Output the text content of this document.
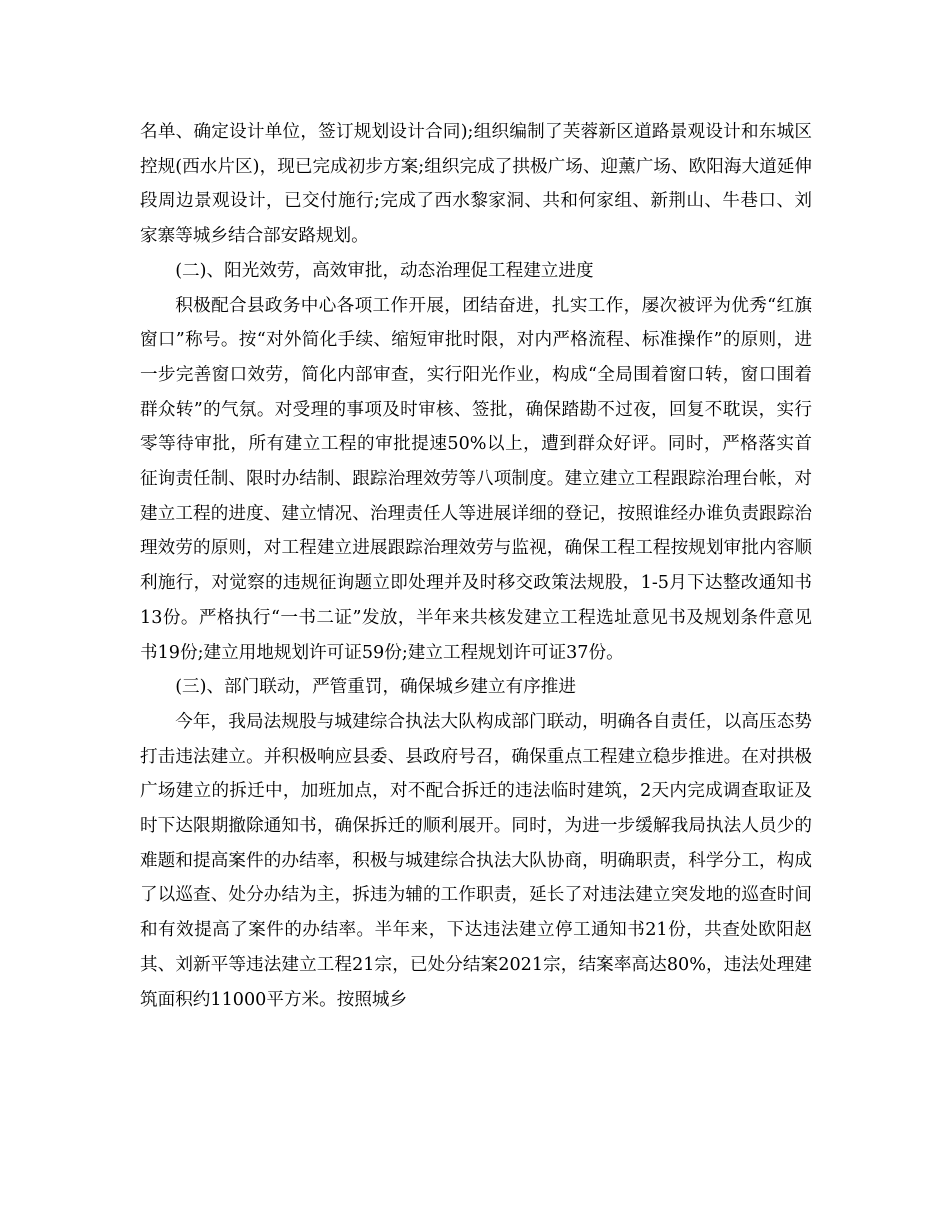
名单、确定设计单位，签订规划设计合同);组织编制了芙蓉新区道路景观设计和东城区控规(西水片区)，现已完成初步方案;组织完成了拱极广场、迎薰广场、欧阳海大道延伸段周边景观设计，已交付施行;完成了西水黎家洞、共和何家组、新荆山、牛巷口、刘家寨等城乡结合部安路规划。

(二)、阳光效劳，高效审批，动态治理促工程建立进度

积极配合县政务中心各项工作开展，团结奋进，扎实工作，屡次被评为优秀“红旗窗口”称号。按“对外简化手续、缩短审批时限，对内严格流程、标准操作”的原则，进一步完善窗口效劳，简化内部审查，实行阳光作业，构成“全局围着窗口转，窗口围着群众转”的气氛。对受理的事项及时审核、签批，确保踏勘不过夜，回复不耽误，实行零等待审批，所有建立工程的审批提速50%以上，遭到群众好评。同时，严格落实首征询责任制、限时办结制、跟踪治理效劳等八项制度。建立建立工程跟踪治理台帐，对建立工程的进度、建立情况、治理责任人等进展详细的登记，按照谁经办谁负责跟踪治理效劳的原则，对工程建立进展跟踪治理效劳与监视，确保工程工程按规划审批内容顺利施行，对觉察的违规征询题立即处理并及时移交政策法规股，1-5月下达整改通知书13份。严格执行“一书二证”发放，半年来共核发建立工程选址意见书及规划条件意见书19份;建立用地规划许可证59份;建立工程规划许可证37份。

(三)、部门联动，严管重罚，确保城乡建立有序推进

今年，我局法规股与城建综合执法大队构成部门联动，明确各自责任，以高压态势打击违法建立。并积极响应县委、县政府号召，确保重点工程建立稳步推进。在对拱极广场建立的拆迁中，加班加点，对不配合拆迁的违法临时建筑，2天内完成调查取证及时下达限期撤除通知书，确保拆迁的顺利展开。同时，为进一步缓解我局执法人员少的难题和提高案件的办结率，积极与城建综合执法大队协商，明确职责，科学分工，构成了以巡查、处分办结为主，拆违为辅的工作职责，延长了对违法建立突发地的巡查时间和有效提高了案件的办结率。半年来，下达违法建立停工通知书21份，共查处欧阳赵其、刘新平等违法建立工程21宗，已处分结案2021宗，结案率高达80%，违法处理建筑面积约11000平方米。按照城乡
